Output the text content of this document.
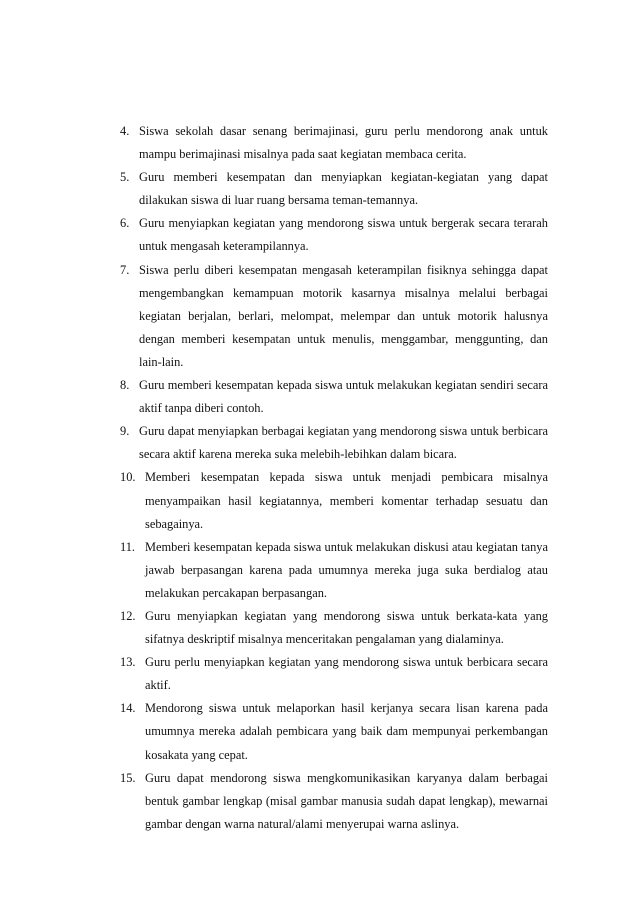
4. Siswa sekolah dasar senang berimajinasi, guru perlu mendorong anak untuk mampu berimajinasi misalnya pada saat kegiatan membaca cerita.
5. Guru memberi kesempatan dan menyiapkan kegiatan-kegiatan yang dapat dilakukan siswa di luar ruang bersama teman-temannya.
6. Guru menyiapkan kegiatan yang mendorong siswa untuk bergerak secara terarah untuk mengasah keterampilannya.
7. Siswa perlu diberi kesempatan mengasah keterampilan fisiknya sehingga dapat mengembangkan kemampuan motorik kasarnya misalnya melalui berbagai kegiatan berjalan, berlari, melompat, melempar dan untuk motorik halusnya dengan memberi kesempatan untuk menulis, menggambar, menggunting, dan lain-lain.
8. Guru memberi kesempatan kepada siswa untuk melakukan kegiatan sendiri secara aktif tanpa diberi contoh.
9. Guru dapat menyiapkan berbagai kegiatan yang mendorong siswa untuk berbicara secara aktif karena mereka suka melebih-lebihkan dalam bicara.
10. Memberi kesempatan kepada siswa untuk menjadi pembicara misalnya menyampaikan hasil kegiatannya, memberi komentar terhadap sesuatu dan sebagainya.
11. Memberi kesempatan kepada siswa untuk melakukan diskusi atau kegiatan tanya jawab berpasangan karena pada umumnya mereka juga suka berdialog atau melakukan percakapan berpasangan.
12. Guru menyiapkan kegiatan yang mendorong siswa untuk berkata-kata yang sifatnya deskriptif misalnya menceritakan pengalaman yang dialaminya.
13. Guru perlu menyiapkan kegiatan yang mendorong siswa untuk berbicara secara aktif.
14. Mendorong siswa untuk melaporkan hasil kerjanya secara lisan karena pada umumnya mereka adalah pembicara yang baik dam mempunyai perkembangan kosakata yang cepat.
15. Guru dapat mendorong siswa mengkomunikasikan karyanya dalam berbagai bentuk gambar lengkap (misal gambar manusia sudah dapat lengkap), mewarnai gambar dengan warna natural/alami menyerupai warna aslinya.
